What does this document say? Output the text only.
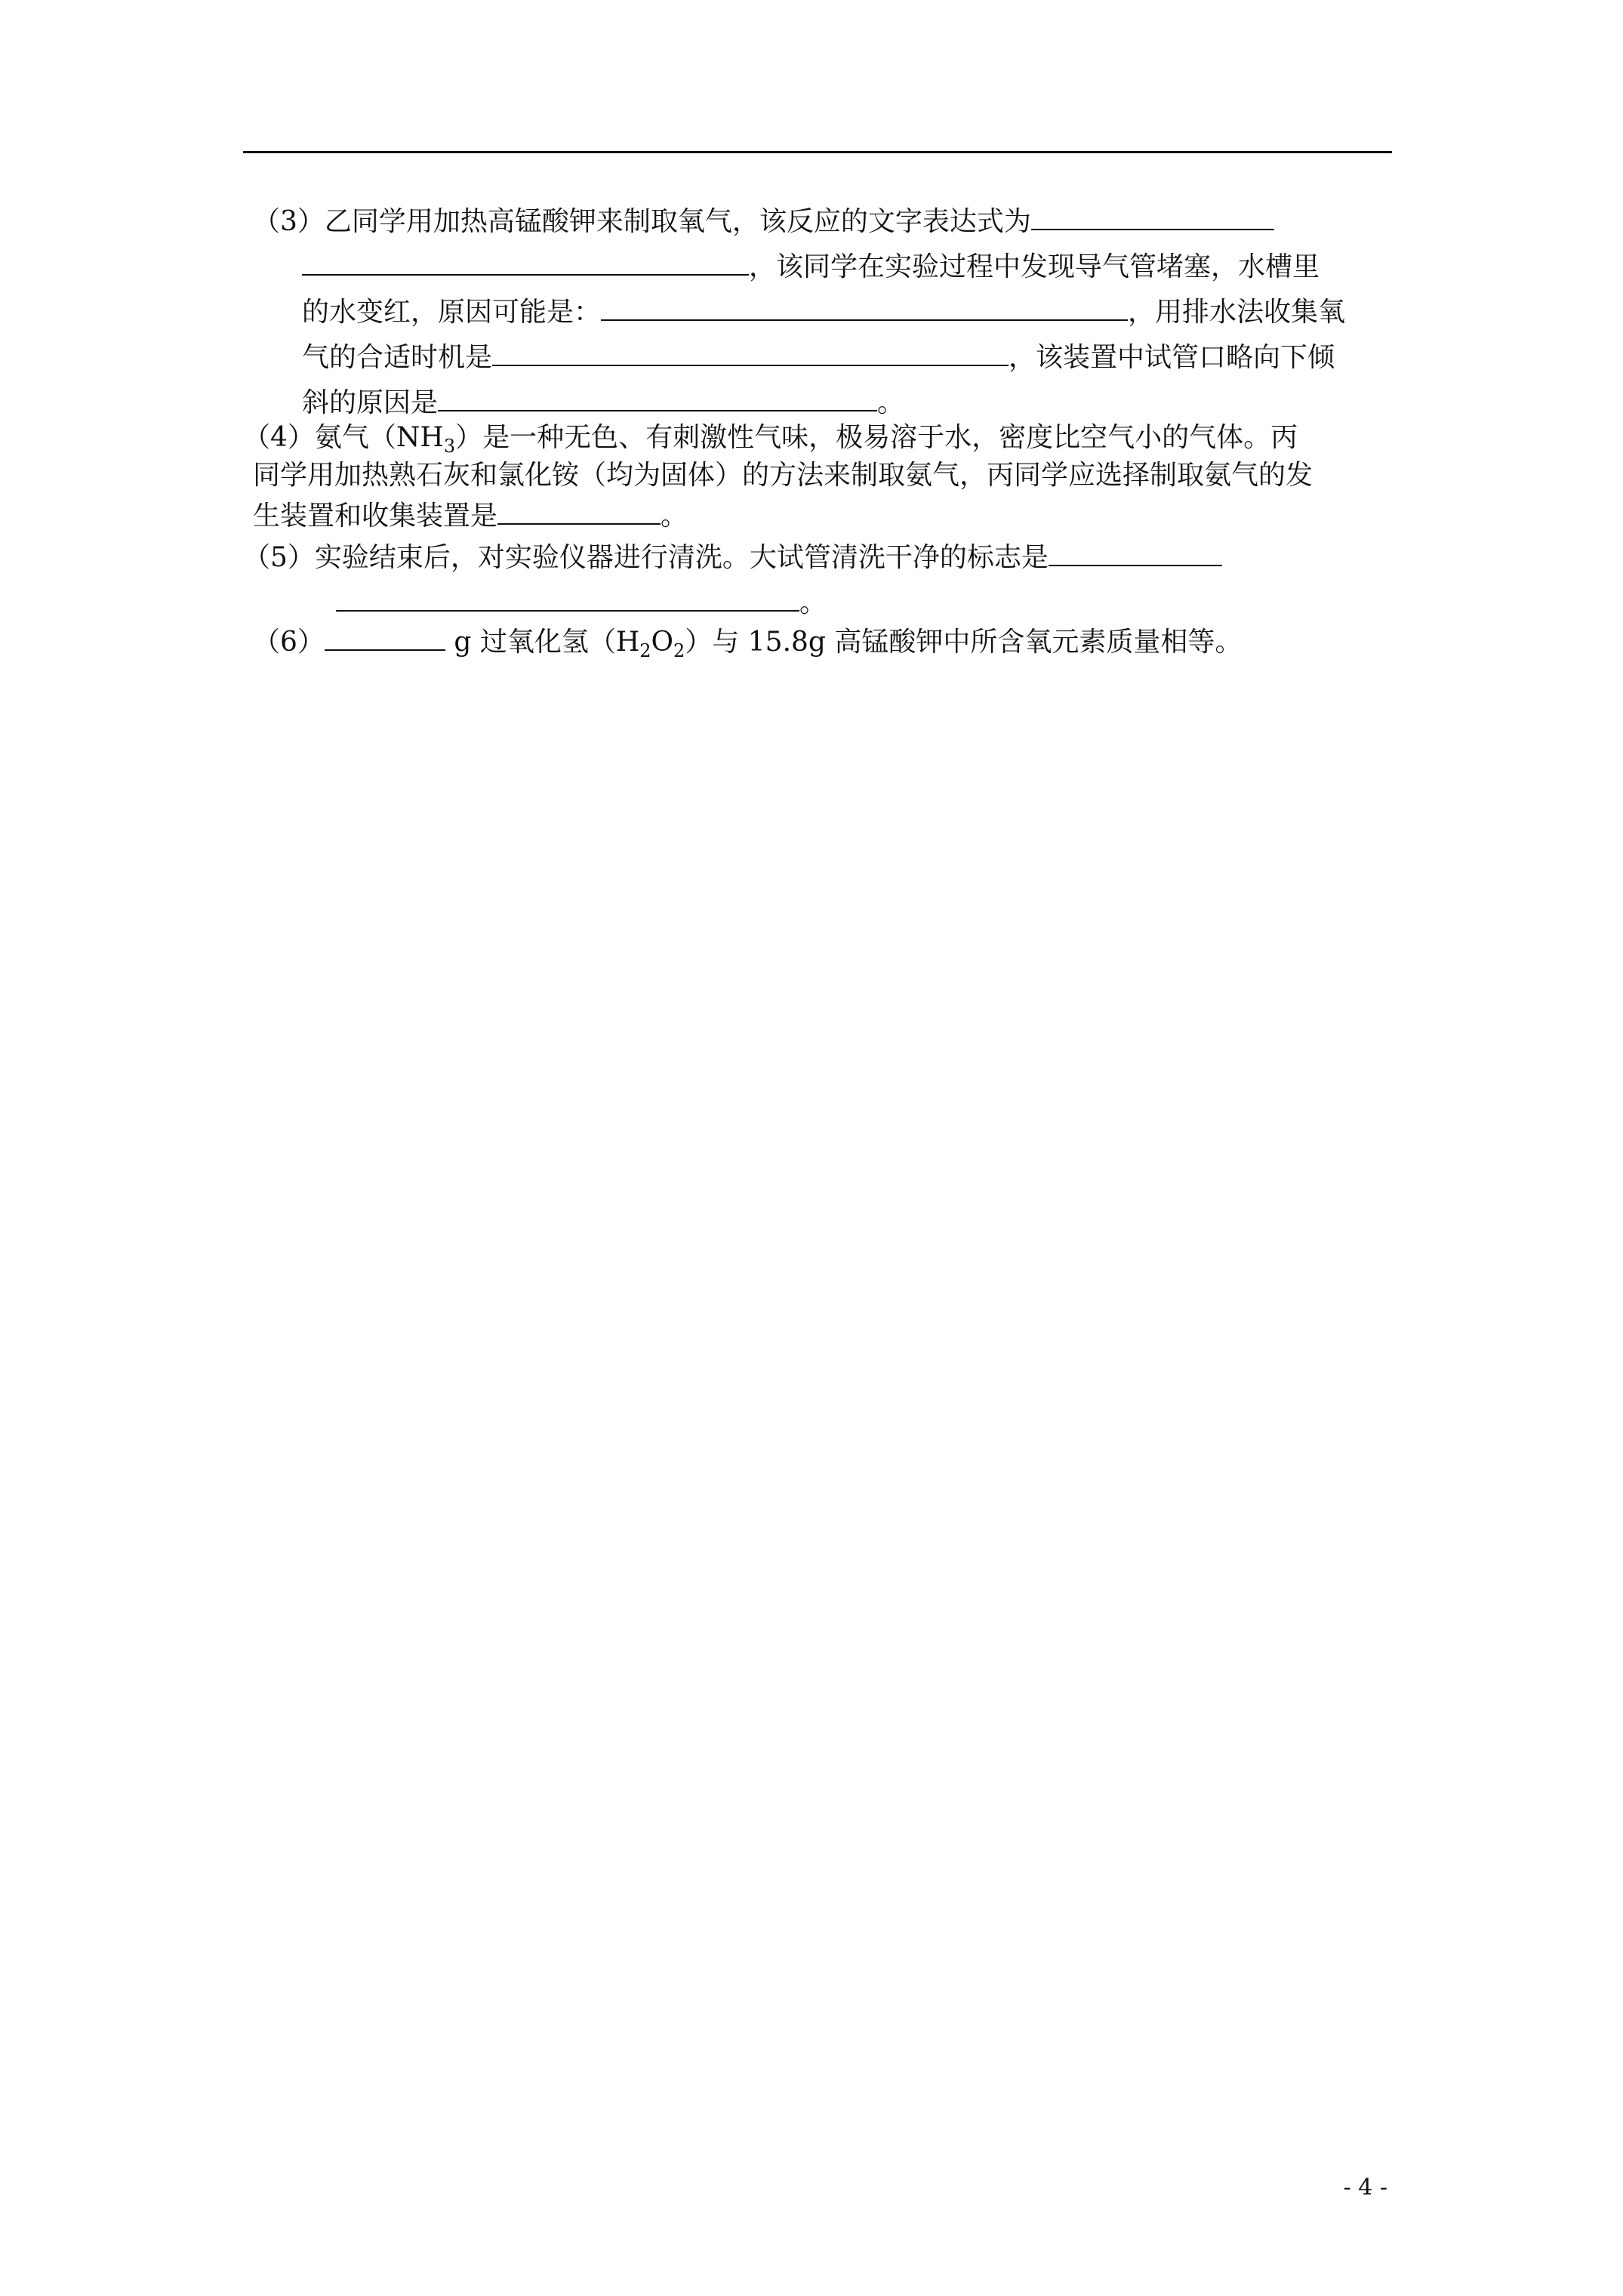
（3）乙同学用加热高锰酸钾来制取氧气，该反应的文字表达式为
，该同学在实验过程中发现导气管堵塞，水槽里
的水变红，原因可能是：	，用排水法收集氧
气的合适时机是	，该装置中试管口略向下倾
斜的原因是	。
（4）氨气$(NH_3)$是一种无色、有刺激性气味，极易溶于水，密度比空气小的气体。丙
同学用加热熟石灰和氯化铵（均为固体）的方法来制取氨气，丙同学应选择制取氨气的发
生装置和收集装置是	。
（5）实验结束后，对实验仪器进行清洗。大试管清洗干净的标志是
。
（6）	g 过氧化氢$(H_2O_2)$与 15.8g 高锰酸钾中所含氧元素质量相等。
- 4 -
